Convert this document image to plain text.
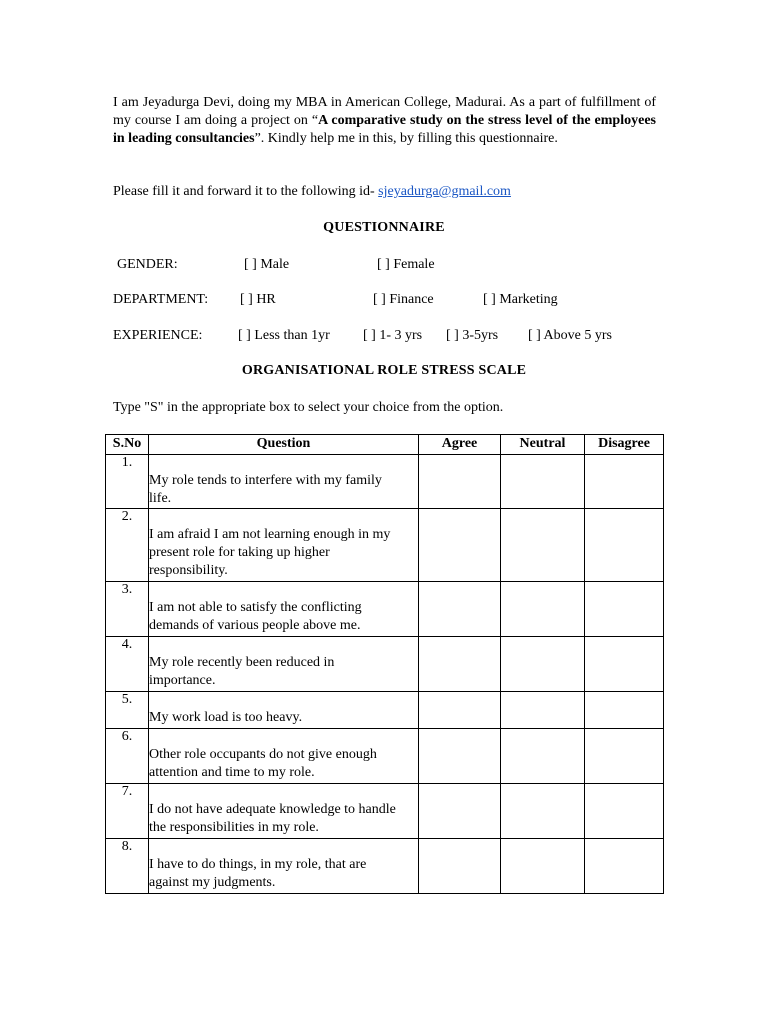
I am Jeyadurga Devi, doing my MBA in American College, Madurai. As a part of fulfillment of my course I am doing a project on “A comparative study on the stress level of the employees in leading consultancies”. Kindly help me in this, by filling this questionnaire.

Please fill it and forward it to the following id- sjeyadurga@gmail.com

QUESTIONNAIRE

GENDER:	[ ] Male	[ ] Female
DEPARTMENT: [ ] HR	[ ] Finance	[ ] Marketing
EXPERIENCE:	[ ] Less than 1yr [ ] 1- 3 yrs [ ] 3-5yrs [ ] Above 5 yrs

ORGANISATIONAL ROLE STRESS SCALE

Type "S" in the appropriate box to select your choice from the option.

S.No	Question	Agree	Neutral	Disagree

1.	My role tends to interfere with my family
life.			

2.	I am afraid I am not learning enough in my
present role for taking up higher
responsibility.			

3.	I am not able to satisfy the conflicting
demands of various people above me.			

4.	My role recently been reduced in
importance.			

5.	My work load is too heavy.			

6.	Other role occupants do not give enough
attention and time to my role.			

7.	I do not have adequate knowledge to handle
the responsibilities in my role.			

8.	I have to do things, in my role, that are
against my judgments.			
